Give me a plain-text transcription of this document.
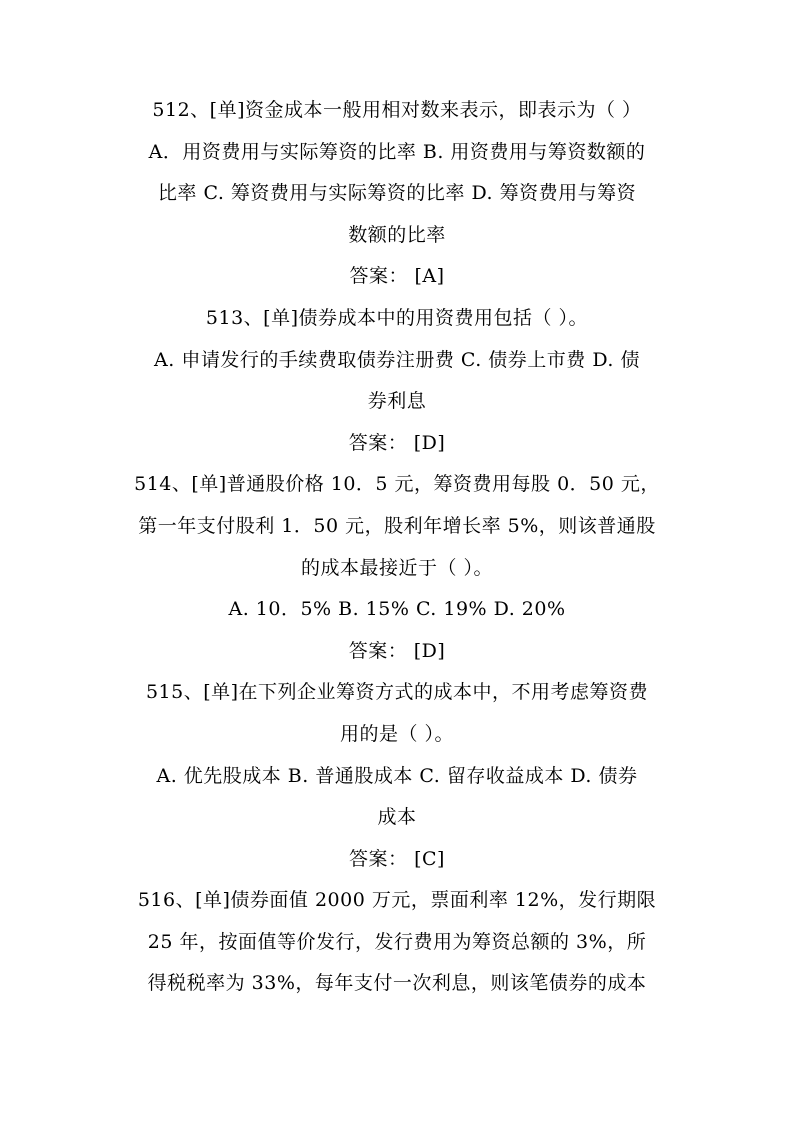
512、[单]资金成本一般用相对数来表示，即表示为（ ）
A．用资费用与实际筹资的比率 B. 用资费用与筹资数额的
比率 C. 筹资费用与实际筹资的比率 D. 筹资费用与筹资
数额的比率
答案： [A]
513、[单]债券成本中的用资费用包括（ ）。
A. 申请发行的手续费取债券注册费 C. 债券上市费 D. 债
券利息
答案： [D]
514、[单]普通股价格 10．5 元，筹资费用每股 0．50 元，
第一年支付股利 1．50 元，股利年增长率 5%，则该普通股
的成本最接近于（ ）。
A. 10．5% B. 15% C. 19% D. 20%
答案： [D]
515、[单]在下列企业筹资方式的成本中，不用考虑筹资费
用的是（ ）。
A. 优先股成本 B. 普通股成本 C. 留存收益成本 D. 债券
成本
答案： [C]
516、[单]债券面值 2000 万元，票面利率 12%，发行期限
25 年，按面值等价发行，发行费用为筹资总额的 3%，所
得税税率为 33%，每年支付一次利息，则该笔债券的成本
